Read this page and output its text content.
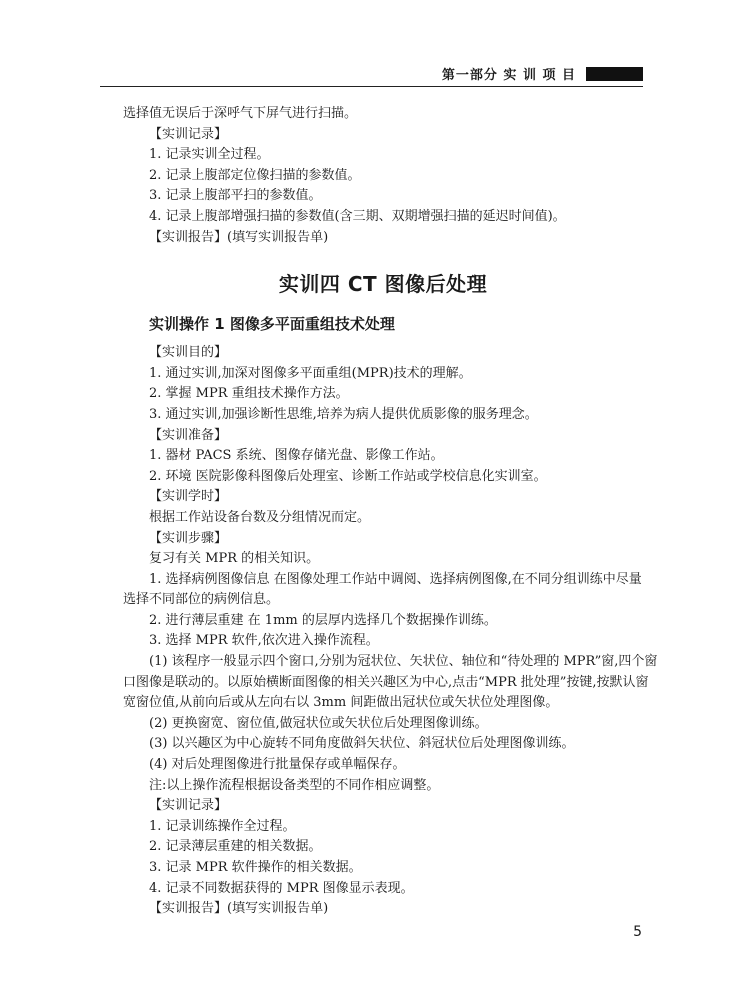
第一部分 实 训 项 目

选择值无误后于深呼气下屏气进行扫描。

【实训记录】

1. 记录实训全过程。

2. 记录上腹部定位像扫描的参数值。

3. 记录上腹部平扫的参数值。

4. 记录上腹部增强扫描的参数值(含三期、双期增强扫描的延迟时间值)。

【实训报告】(填写实训报告单)

实训四 CT 图像后处理
实训操作 1 图像多平面重组技术处理

【实训目的】

1. 通过实训,加深对图像多平面重组(MPR)技术的理解。

2. 掌握 MPR 重组技术操作方法。

3. 通过实训,加强诊断性思维,培养为病人提供优质影像的服务理念。

【实训准备】

1. 器材 PACS 系统、图像存储光盘、影像工作站。

2. 环境 医院影像科图像后处理室、诊断工作站或学校信息化实训室。

【实训学时】

根据工作站设备台数及分组情况而定。

【实训步骤】

复习有关 MPR 的相关知识。

1. 选择病例图像信息 在图像处理工作站中调阅、选择病例图像,在不同分组训练中尽量
选择不同部位的病例信息。

2. 进行薄层重建 在 1mm 的层厚内选择几个数据操作训练。

3. 选择 MPR 软件,依次进入操作流程。

(1) 该程序一般显示四个窗口,分别为冠状位、矢状位、轴位和“待处理的 MPR”窗,四个窗
口图像是联动的。以原始横断面图像的相关兴趣区为中心,点击“MPR 批处理”按键,按默认窗
宽窗位值,从前向后或从左向右以 3mm 间距做出冠状位或矢状位处理图像。

(2) 更换窗宽、窗位值,做冠状位或矢状位后处理图像训练。

(3) 以兴趣区为中心旋转不同角度做斜矢状位、斜冠状位后处理图像训练。

(4) 对后处理图像进行批量保存或单幅保存。

注:以上操作流程根据设备类型的不同作相应调整。

【实训记录】

1. 记录训练操作全过程。

2. 记录薄层重建的相关数据。

3. 记录 MPR 软件操作的相关数据。

4. 记录不同数据获得的 MPR 图像显示表现。

【实训报告】(填写实训报告单)

5
